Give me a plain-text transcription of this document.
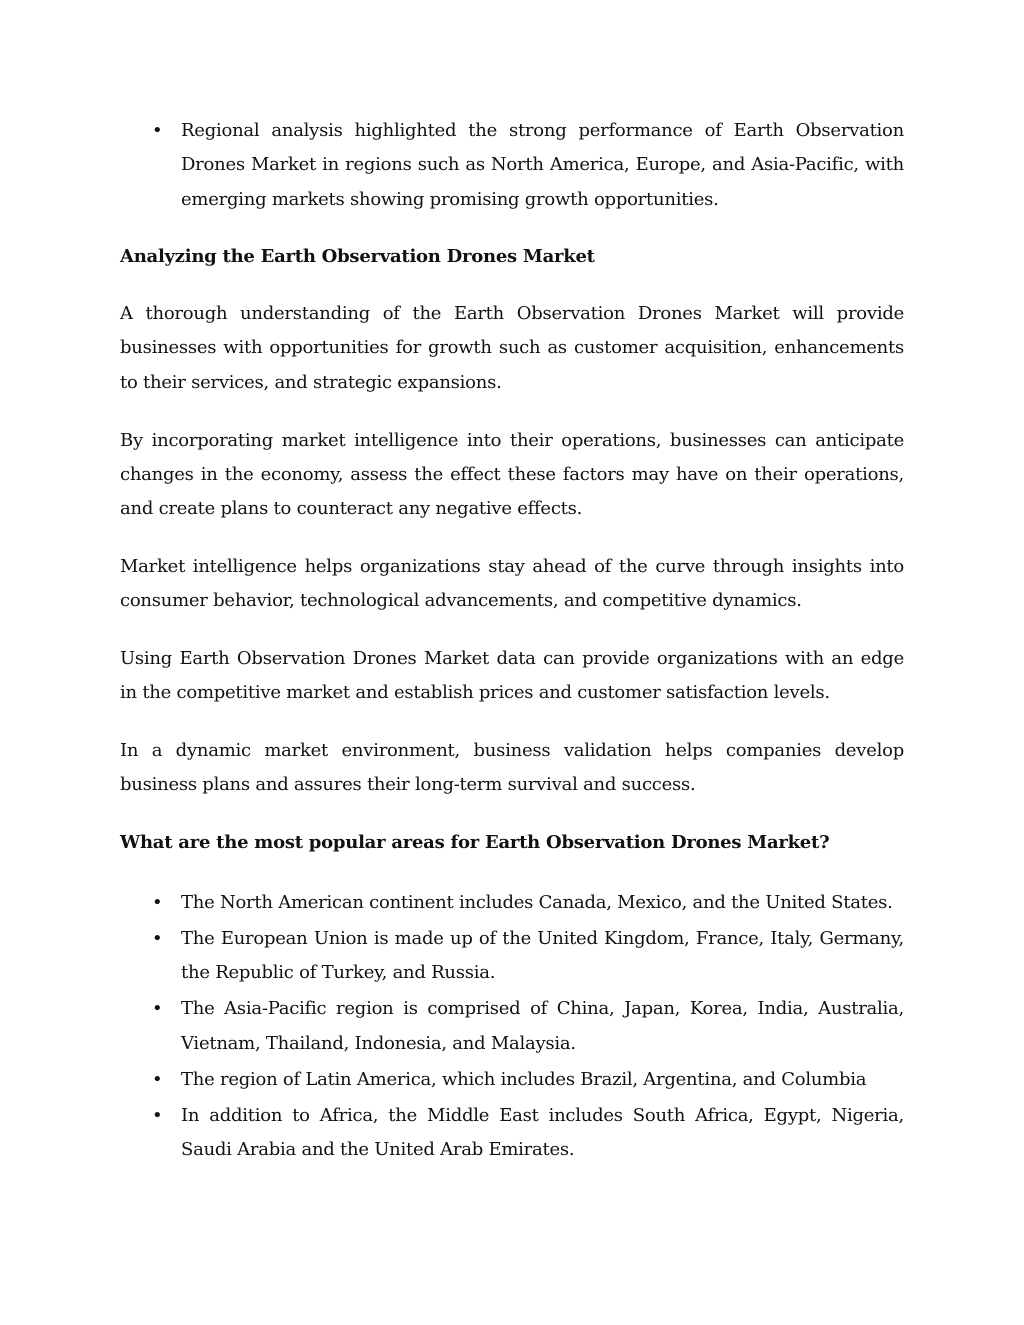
• Regional analysis highlighted the strong performance of Earth Observation Drones Market in regions such as North America, Europe, and Asia-Pacific, with emerging markets showing promising growth opportunities.
Analyzing the Earth Observation Drones Market

A thorough understanding of the Earth Observation Drones Market will provide businesses with opportunities for growth such as customer acquisition, enhancements to their services, and strategic expansions.

By incorporating market intelligence into their operations, businesses can anticipate changes in the economy, assess the effect these factors may have on their operations, and create plans to counteract any negative effects.

Market intelligence helps organizations stay ahead of the curve through insights into consumer behavior, technological advancements, and competitive dynamics.

Using Earth Observation Drones Market data can provide organizations with an edge in the competitive market and establish prices and customer satisfaction levels.

In a dynamic market environment, business validation helps companies develop business plans and assures their long-term survival and success.

What are the most popular areas for Earth Observation Drones Market?
• The North American continent includes Canada, Mexico, and the United States.
• The European Union is made up of the United Kingdom, France, Italy, Germany, the Republic of Turkey, and Russia.
• The Asia-Pacific region is comprised of China, Japan, Korea, India, Australia, Vietnam, Thailand, Indonesia, and Malaysia.
• The region of Latin America, which includes Brazil, Argentina, and Columbia
• In addition to Africa, the Middle East includes South Africa, Egypt, Nigeria, Saudi Arabia and the United Arab Emirates.
